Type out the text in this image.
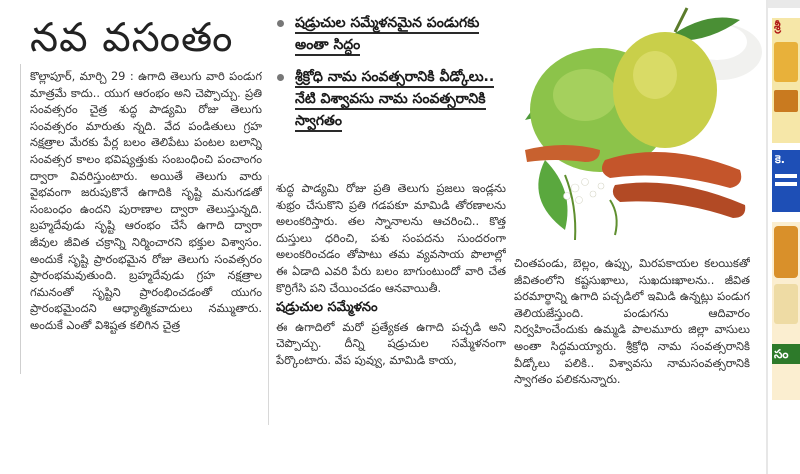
నవ వసంతం

కొల్లాపూర్, మార్చి 29 : ఉగాది తెలుగు వారి పండుగ మాత్రమే కాదు.. యుగ ఆరంభం అని చెప్పొచ్చు. ప్రతి సంవత్సరం చైత్ర శుద్ధ పాడ్యమి రోజు తెలుగు సంవత్సరం మారుతు న్నది. వేద పండితులు గ్రహ నక్షత్రాల మేరకు పేర్ల బలం తెలిపేటు పంటల బలాన్ని సంవత్సర కాలం భవిష్యత్తుకు సంబంధించి పంచాంగం ద్వారా వివరిస్తుంటారు. అయితే తెలుగు వారు వైభవంగా జరుపుకొనే ఉగాదికి సృష్టి మనుగడతో సంబంధం ఉందని పురాణాల ద్వారా తెలుస్తున్నది. బ్రహ్మదేవుడు సృష్టి ఆరంభం చేసే ఉగాది ద్వారా జీవుల జీవిత చక్రాన్ని నిర్మించారని భక్తుల విశ్వాసం. అందుకే సృష్టి ప్రారంభమైన రోజు తెలుగు సంవత్సరం ప్రారంభమవుతుంది. బ్రహ్మదేవుడు గ్రహ నక్షత్రాల గమనంతో సృష్టిని ప్రారంభించడంతో యుగం ప్రారంభమైందని ఆధ్యాత్మికవాదులు నమ్ముతారు. అందుకే ఎంతో విశిష్టత కలిగిన చైత్ర

షడ్రుచుల సమ్మేళనమైన పండుగకు అంతా సిద్ధం
శ్రీక్రోధి నామ సంవత్సరానికి వీడ్కోలు.. నేటి విశ్వావసు నామ సంవత్సరానికి స్వాగతం

శుద్ధ పాడ్యమి రోజు ప్రతి తెలుగు ప్రజలు ఇండ్లను శుభ్రం చేసుకొని ప్రతి గడపకూ మామిడి తోరణాలను అలంకరిస్తారు. తల స్నానాలను ఆచరించి.. కొత్త దుస్తులు ధరించి, పశు సంపదను సుందరంగా అలంకరించడం తోపాటు తమ వ్యవసాయ పొలాల్లో ఈ ఏడాది ఎవరి పేరు బలం బాగుంటుందో వారి చేత కొర్రిగేసి పని చేయించడం ఆనవాయితీ.

షడ్రుచుల సమ్మేళనం

ఈ ఉగాదిలో మరో ప్రత్యేకత ఉగాది పచ్చడి అని చెప్పొచ్చు. దీన్ని షడ్రుచుల సమ్మేళనంగా పేర్కొంటారు. వేప పువ్వు, మామిడి కాయ,

చింతపండు, బెల్లం, ఉప్పు, మిరపకాయల కలయికతో జీవితంలోని కష్టసుఖాలు, సుఖదుఃఖాలను.. జీవిత పరమార్థాన్ని ఉగాది పచ్చడిలో ఇమిడి ఉన్నట్లు పండుగ తెలియజేస్తుంది. పండుగను ఆదివారం నిర్వహించేందుకు ఉమ్మడి పాలమూరు జిల్లా వాసులు అంతా సిద్ధమయ్యారు. శ్రీక్రోధి నామ సంవత్సరానికి వీడ్కోలు పలికి.. విశ్వావసు నామసంవత్సరానికి స్వాగతం పలికనున్నారు.

శ్రీ
కె.
సం
